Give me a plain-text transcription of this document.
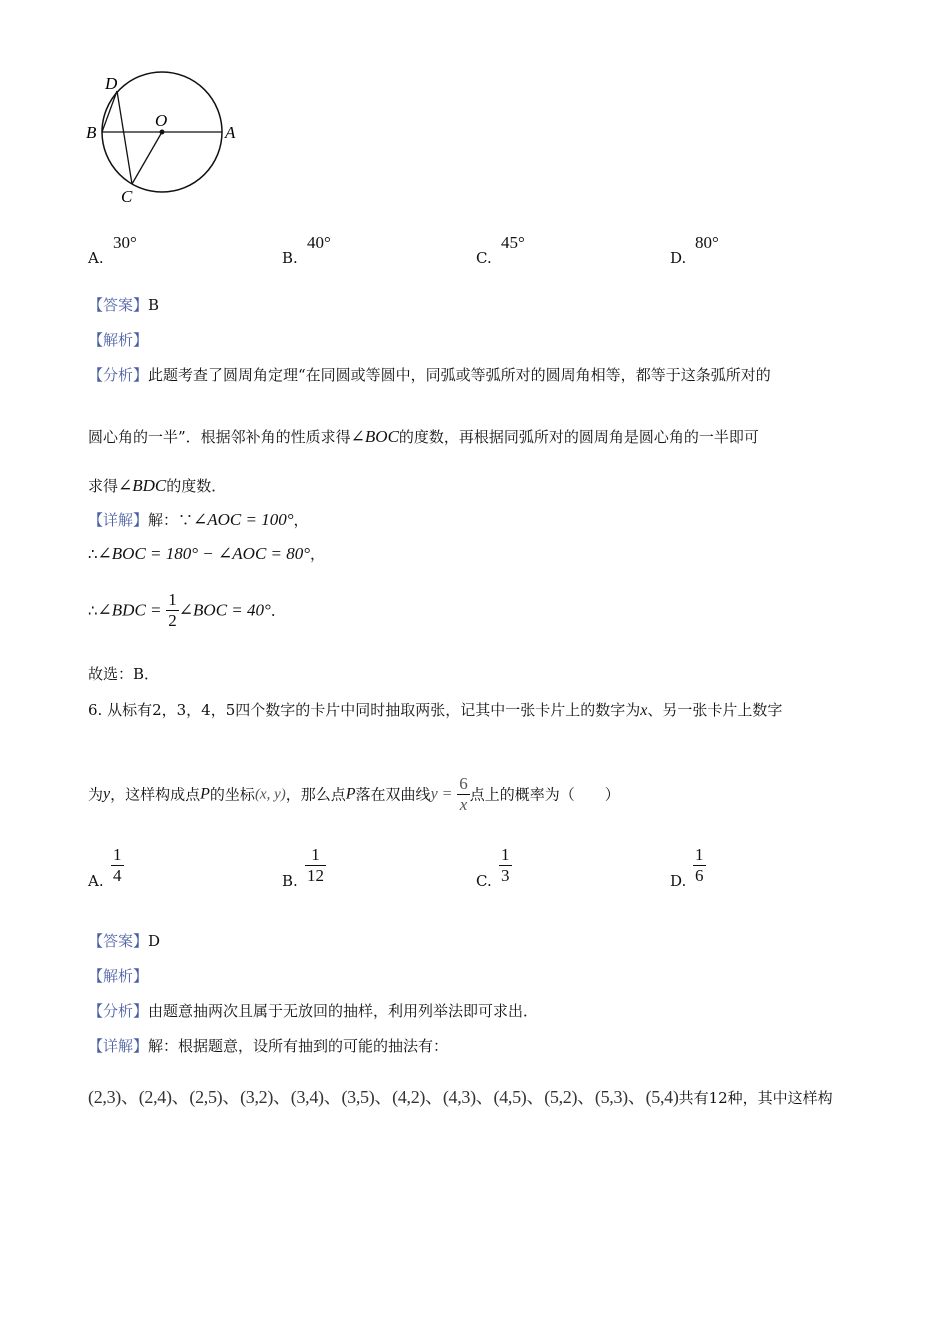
D
O
B	A
C
A.
30°
B.
40°
C.
45°
D.
80°
【答案】B
【解析】
【分析】此题考查了圆周角定理“在同圆或等圆中，同弧或等弧所对的圆周角相等，都等于这条弧所对的
圆心角的一半”．根据邻补角的性质求得∠BOC的度数，再根据同弧所对的圆周角是圆心角的一半即可
求得∠BDC的度数．
【详解】解：∵∠AOC = 100°，
∴∠BOC = 180° − ∠AOC = 80°，
∴∠BDC = $\frac{1}{2}$ ∠BOC = 40°．
故选：B．
6. 从标有2，3，4，5四个数字的卡片中同时抽取两张，记其中一张卡片上的数字为x、另一张卡片上数字
为y，这样构成点P的坐标(x, y)，那么点P落在双曲线$y = \frac{6}{x}$ 点上的概率为（　　）
A. $\frac{1}{4}$	B. $\frac{1}{12}$	C. $\frac{1}{3}$	D. $\frac{1}{6}$
【答案】D
【解析】
【分析】由题意抽两次且属于无放回的抽样，利用列举法即可求出．
【详解】解：根据题意，设所有抽到的可能的抽法有：
(2,3)、(2,4)、(2,5)、(3,2)、(3,4)、(3,5)、(4,2)、(4,3)、(4,5)、(5,2)、(5,3)、(5,4)共有12种，其中这样构
